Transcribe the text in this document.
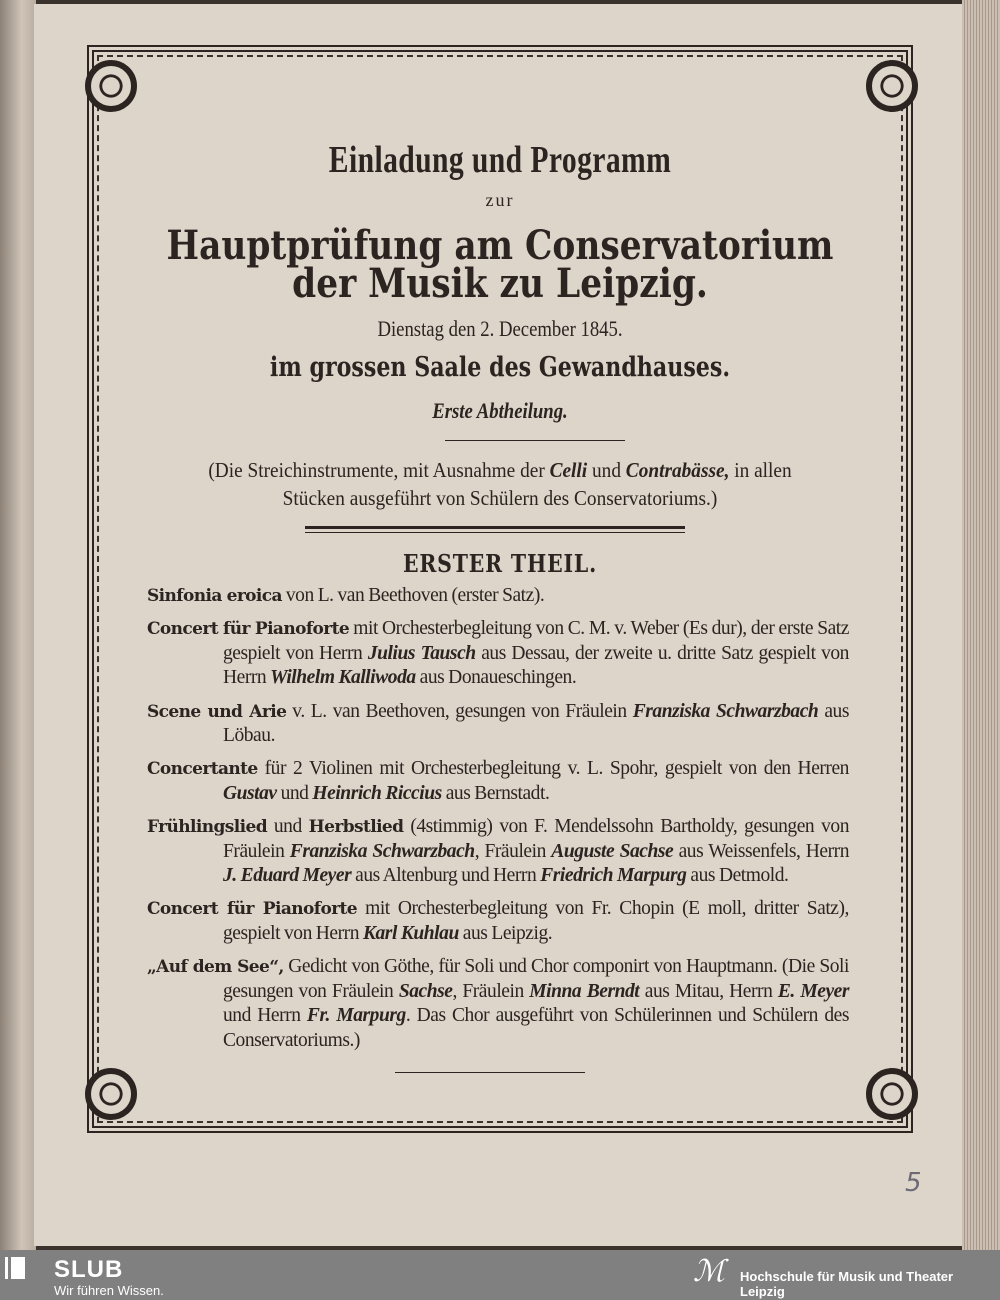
Einladung und Programm
zur
Hauptprüfung am Conservatorium
der Musik zu Leipzig.
Dienstag den 2. December 1845.
im grossen Saale des Gewandhauses.
Erste Abtheilung.
(Die Streichinstrumente, mit Ausnahme der Celli und Contrabässe, in allen Stücken ausgeführt von Schülern des Conservatoriums.)
ERSTER THEIL.
Sinfonia eroica von L. van Beethoven (erster Satz).
Concert für Pianoforte mit Orchesterbegleitung von C. M. v. Weber (Es dur), der erste Satz gespielt von Herrn Julius Tausch aus Dessau, der zweite u. dritte Satz gespielt von Herrn Wilhelm Kalliwoda aus Donaueschingen.
Scene und Arie v. L. van Beethoven, gesungen von Fräulein Franziska Schwarzbach aus Löbau.
Concertante für 2 Violinen mit Orchesterbegleitung v. L. Spohr, gespielt von den Herren Gustav und Heinrich Riccius aus Bernstadt.
Frühlingslied und Herbstlied (4stimmig) von F. Mendelssohn Bartholdy, gesungen von Fräulein Franziska Schwarzbach, Fräulein Auguste Sachse aus Weissenfels, Herrn J. Eduard Meyer aus Altenburg und Herrn Friedrich Marpurg aus Detmold.
Concert für Pianoforte mit Orchesterbegleitung von Fr. Chopin (E moll, dritter Satz), gespielt von Herrn Karl Kuhlau aus Leipzig.
„Auf dem See“, Gedicht von Göthe, für Soli und Chor componirt von Hauptmann. (Die Soli gesungen von Fräulein Sachse, Fräulein Minna Berndt aus Mitau, Herrn E. Meyer und Herrn Fr. Marpurg. Das Chor ausgeführt von Schülerinnen und Schülern des Conservatoriums.)
5
SLUB
Wir führen Wissen.
ℳ Hochschule für Musik und Theater Leipzig
